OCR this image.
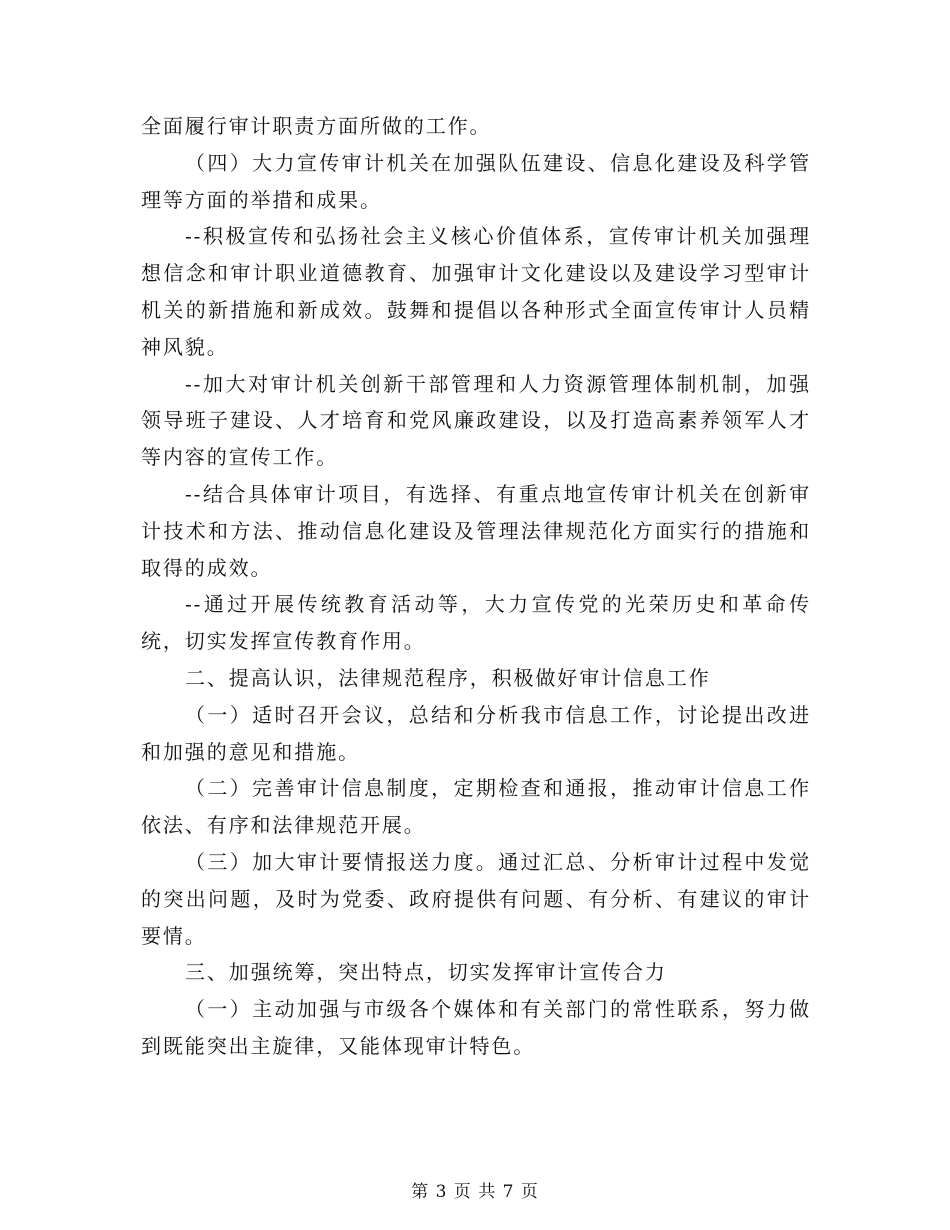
全面履行审计职责方面所做的工作。

（四）大力宣传审计机关在加强队伍建设、信息化建设及科学管理等方面的举措和成果。

--积极宣传和弘扬社会主义核心价值体系，宣传审计机关加强理想信念和审计职业道德教育、加强审计文化建设以及建设学习型审计机关的新措施和新成效。鼓舞和提倡以各种形式全面宣传审计人员精神风貌。

--加大对审计机关创新干部管理和人力资源管理体制机制，加强领导班子建设、人才培育和党风廉政建设，以及打造高素养领军人才等内容的宣传工作。

--结合具体审计项目，有选择、有重点地宣传审计机关在创新审计技术和方法、推动信息化建设及管理法律规范化方面实行的措施和取得的成效。

--通过开展传统教育活动等，大力宣传党的光荣历史和革命传统，切实发挥宣传教育作用。

二、提高认识，法律规范程序，积极做好审计信息工作

（一）适时召开会议，总结和分析我市信息工作，讨论提出改进和加强的意见和措施。

（二）完善审计信息制度，定期检查和通报，推动审计信息工作依法、有序和法律规范开展。

（三）加大审计要情报送力度。通过汇总、分析审计过程中发觉的突出问题，及时为党委、政府提供有问题、有分析、有建议的审计要情。

三、加强统筹，突出特点，切实发挥审计宣传合力

（一）主动加强与市级各个媒体和有关部门的常性联系，努力做到既能突出主旋律，又能体现审计特色。

第 3 页 共 7 页
